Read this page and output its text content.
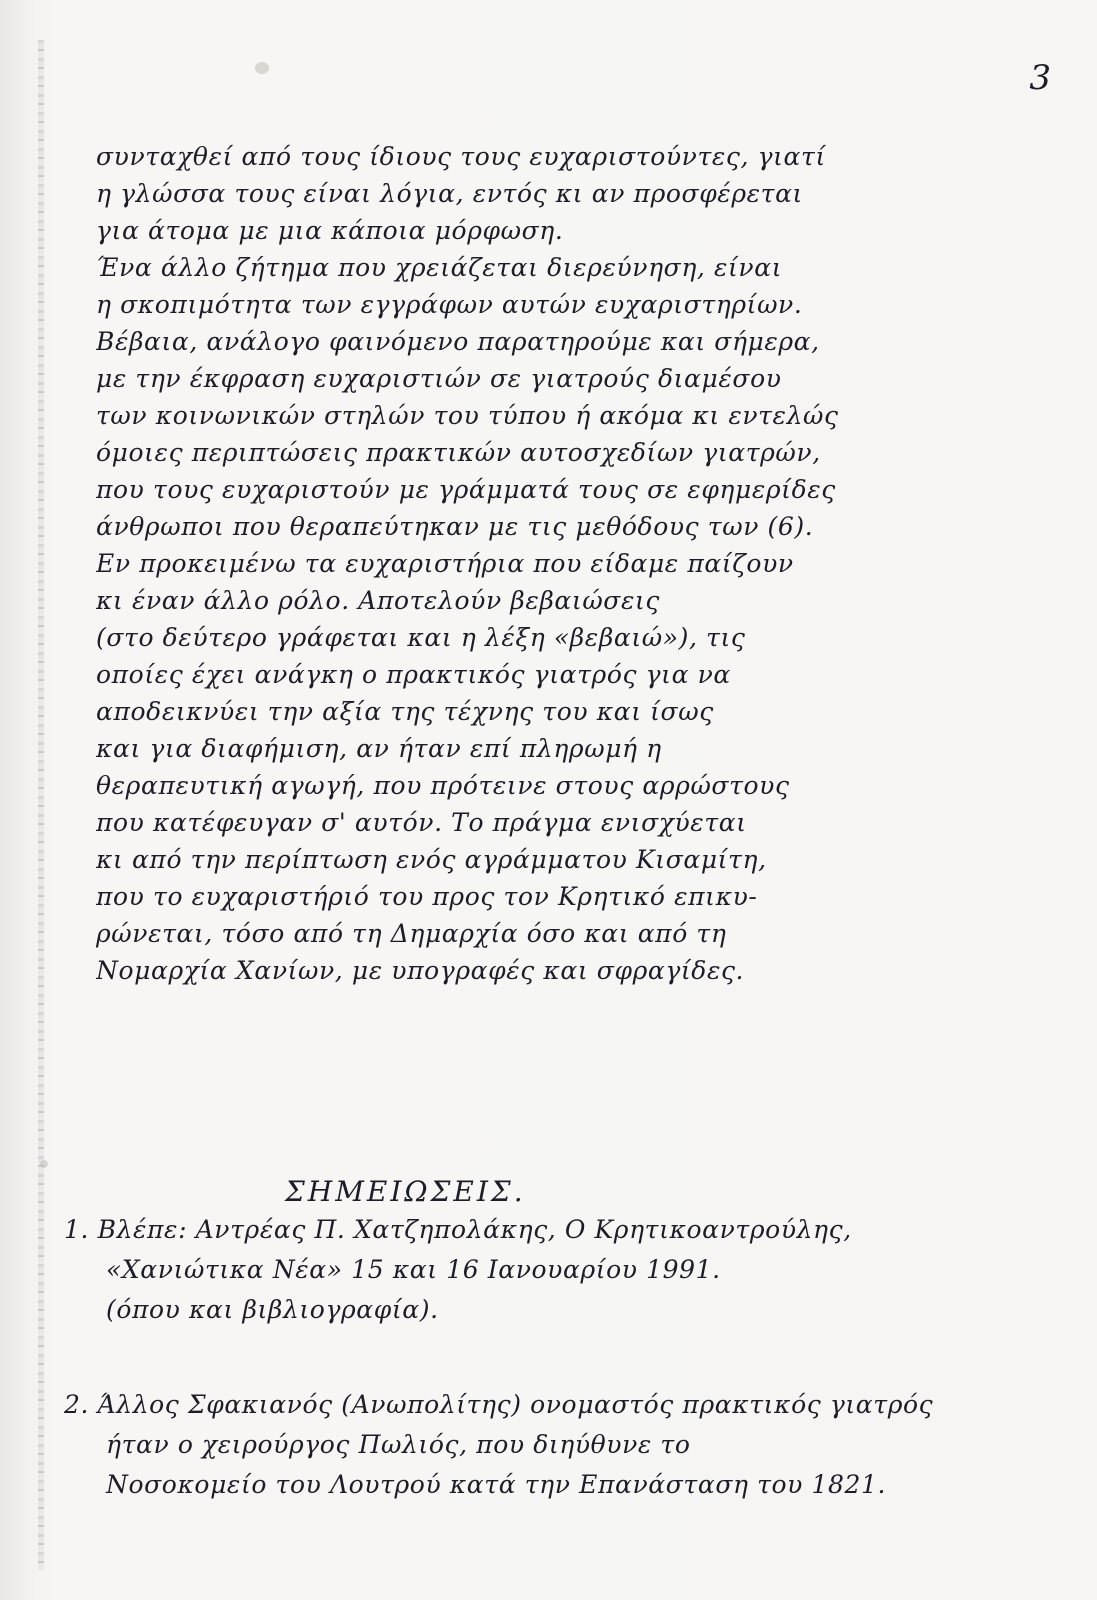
3
συνταχθεί από τους ίδιους τους ευχαριστούντες, γιατί
η γλώσσα τους είναι λόγια, εντός κι αν προσφέρεται
για άτομα με μια κάποια μόρφωση.
Ένα άλλο ζήτημα που χρειάζεται διερεύνηση, είναι
η σκοπιμότητα των εγγράφων αυτών ευχαριστηρίων.
Βέβαια, ανάλογο φαινόμενο παρατηρούμε και σήμερα,
με την έκφραση ευχαριστιών σε γιατρούς διαμέσου
των κοινωνικών στηλών του τύπου ή ακόμα κι εντελώς
όμοιες περιπτώσεις πρακτικών αυτοσχεδίων γιατρών,
που τους ευχαριστούν με γράμματά τους σε εφημερίδες
άνθρωποι που θεραπεύτηκαν με τις μεθόδους των (6).
Εν προκειμένω τα ευχαριστήρια που είδαμε παίζουν
κι έναν άλλο ρόλο. Αποτελούν βεβαιώσεις
(στο δεύτερο γράφεται και η λέξη «βεβαιώ»), τις
οποίες έχει ανάγκη ο πρακτικός γιατρός για να
αποδεικνύει την αξία της τέχνης του και ίσως
και για διαφήμιση, αν ήταν επί πληρωμή η
θεραπευτική αγωγή, που πρότεινε στους αρρώστους
που κατέφευγαν σ' αυτόν. Το πράγμα ενισχύεται
κι από την περίπτωση ενός αγράμματου Κισαμίτη,
που το ευχαριστήριό του προς τον Κρητικό επικυ-
ρώνεται, τόσο από τη Δημαρχία όσο και από τη
Νομαρχία Χανίων, με υπογραφές και σφραγίδες.
ΣΗΜΕΙΩΣΕΙΣ.
1. Βλέπε: Αντρέας Π. Χατζηπολάκης, Ο Κρητικοαντρούλης,
«Χανιώτικα Νέα» 15 και 16 Ιανουαρίου 1991.
(όπου και βιβλιογραφία).
2. Άλλος Σφακιανός (Ανωπολίτης) ονομαστός πρακτικός γιατρός
ήταν ο χειρούργος Πωλιός, που διηύθυνε το
Νοσοκομείο του Λουτρού κατά την Επανάσταση του 1821.
